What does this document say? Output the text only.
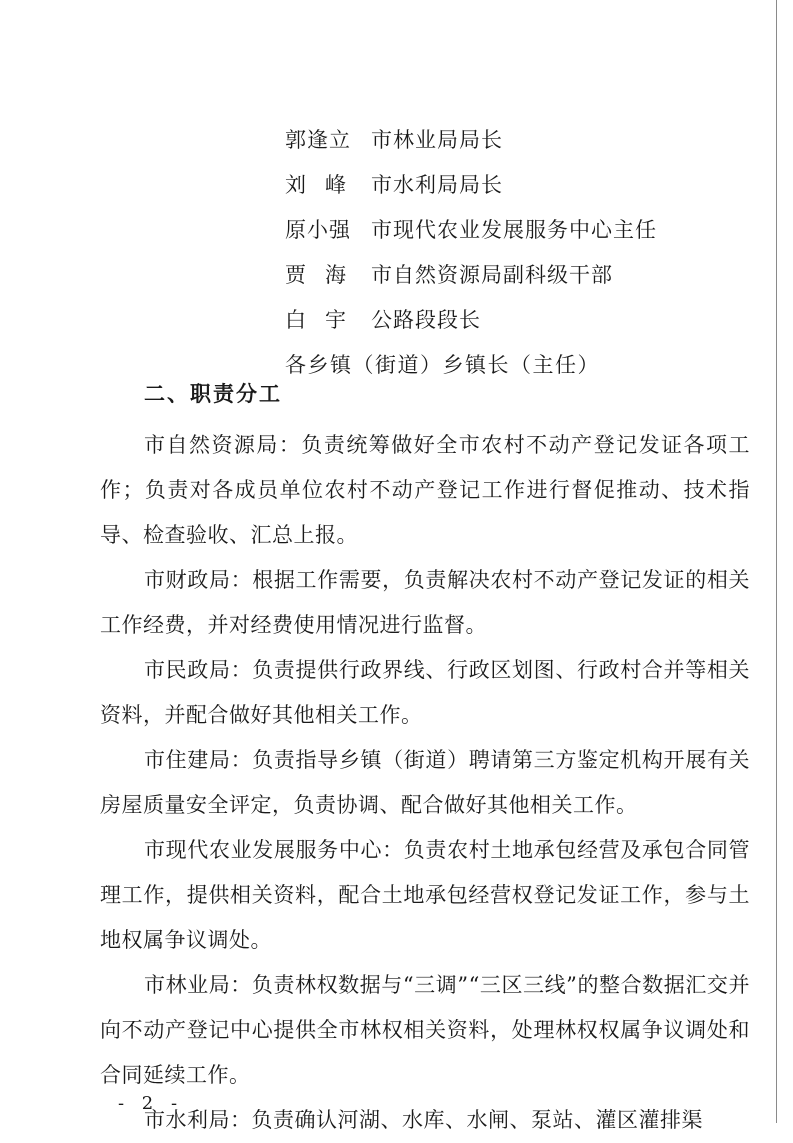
郭逢立 市林业局局长
刘峰 市水利局局长
原小强 市现代农业发展服务中心主任
贾海 市自然资源局副科级干部
白宇 公路段段长
各乡镇（街道）乡镇长（主任）
二、职责分工

市自然资源局：负责统筹做好全市农村不动产登记发证各项工作；负责对各成员单位农村不动产登记工作进行督促推动、技术指导、检查验收、汇总上报。

市财政局：根据工作需要，负责解决农村不动产登记发证的相关工作经费，并对经费使用情况进行监督。

市民政局：负责提供行政界线、行政区划图、行政村合并等相关资料，并配合做好其他相关工作。

市住建局：负责指导乡镇（街道）聘请第三方鉴定机构开展有关房屋质量安全评定，负责协调、配合做好其他相关工作。

市现代农业发展服务中心：负责农村土地承包经营及承包合同管理工作，提供相关资料，配合土地承包经营权登记发证工作，参与土地权属争议调处。

市林业局：负责林权数据与“三调”“三区三线”的整合数据汇交并向不动产登记中心提供全市林权相关资料，处理林权权属争议调处和合同延续工作。

市水利局：负责确认河湖、水库、水闸、泵站、灌区灌排渠

- 2 -
